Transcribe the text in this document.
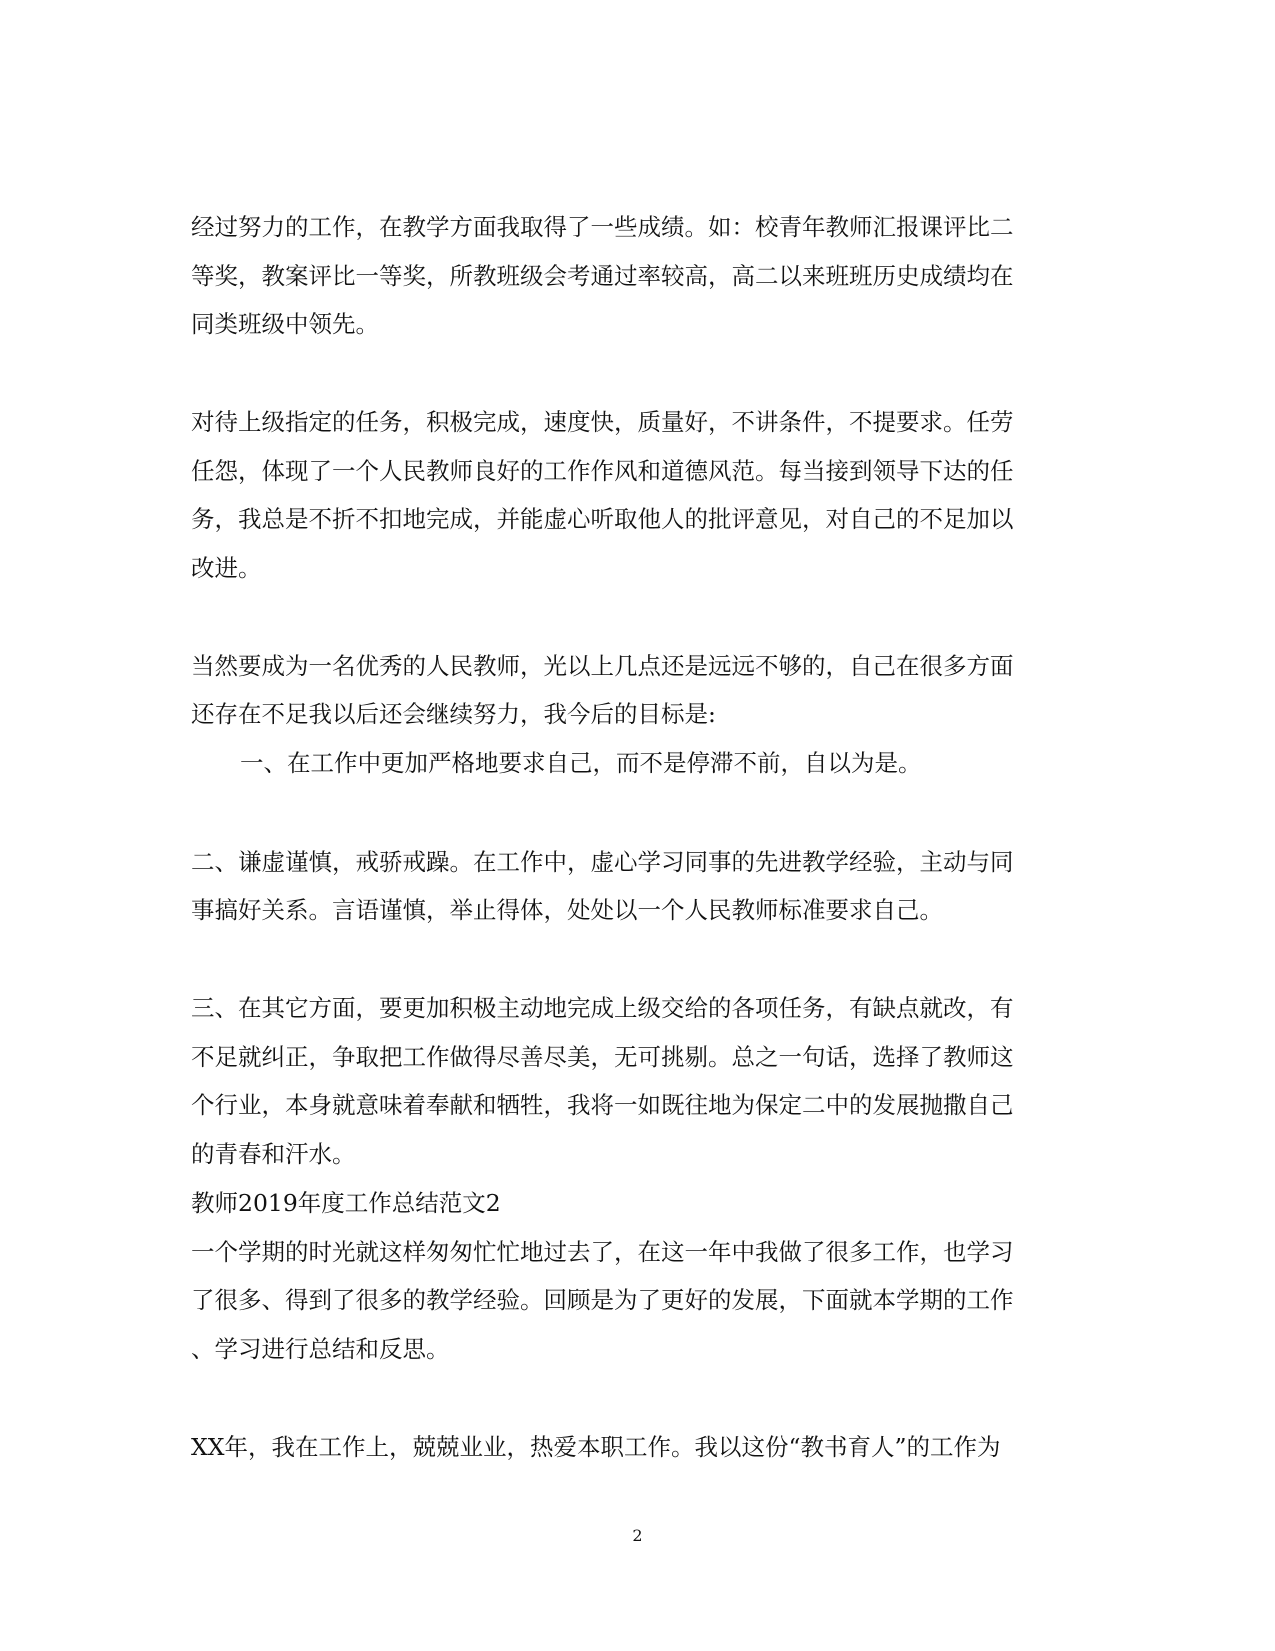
经过努力的工作，在教学方面我取得了一些成绩。如：校青年教师汇报课评比二
等奖，教案评比一等奖，所教班级会考通过率较高，高二以来班班历史成绩均在
同类班级中领先。
对待上级指定的任务，积极完成，速度快，质量好，不讲条件，不提要求。任劳
任怨，体现了一个人民教师良好的工作作风和道德风范。每当接到领导下达的任
务，我总是不折不扣地完成，并能虚心听取他人的批评意见，对自己的不足加以
改进。
当然要成为一名优秀的人民教师，光以上几点还是远远不够的，自己在很多方面
还存在不足我以后还会继续努力，我今后的目标是:
一、在工作中更加严格地要求自己，而不是停滞不前，自以为是。
二、谦虚谨慎，戒骄戒躁。在工作中，虚心学习同事的先进教学经验，主动与同
事搞好关系。言语谨慎，举止得体，处处以一个人民教师标准要求自己。
三、在其它方面，要更加积极主动地完成上级交给的各项任务，有缺点就改，有
不足就纠正，争取把工作做得尽善尽美，无可挑剔。总之一句话，选择了教师这
个行业，本身就意味着奉献和牺牲，我将一如既往地为保定二中的发展抛撒自己
的青春和汗水。
教师2019年度工作总结范文2
一个学期的时光就这样匆匆忙忙地过去了，在这一年中我做了很多工作，也学习
了很多、得到了很多的教学经验。回顾是为了更好的发展，下面就本学期的工作
、学习进行总结和反思。
XX年，我在工作上，兢兢业业，热爱本职工作。我以这份“教书育人”的工作为
2
